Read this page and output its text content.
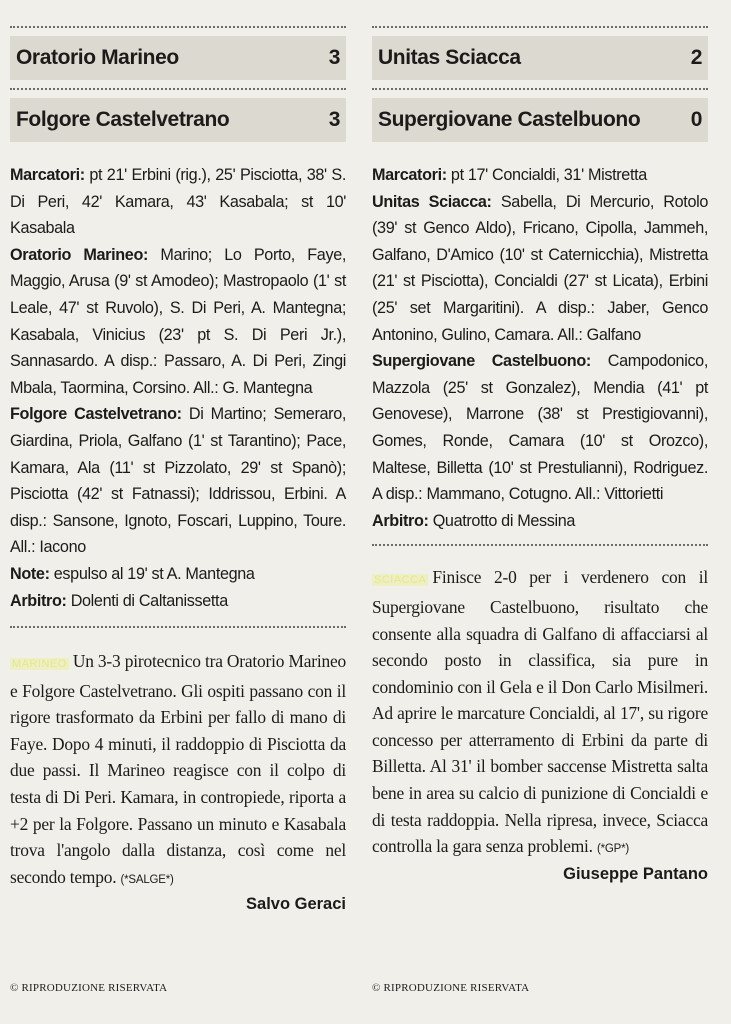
Oratorio Marineo	3
Folgore Castelvetrano	3

Marcatori: pt 21' Erbini (rig.), 25' Pisciotta, 38' S. Di Peri, 42' Kamara, 43' Kasabala; st 10' Kasabala

Oratorio Marineo: Marino; Lo Porto, Faye, Maggio, Arusa (9' st Amodeo); Mastropaolo (1' st Leale, 47' st Ruvolo), S. Di Peri, A. Mantegna; Kasabala, Vinicius (23' pt S. Di Peri Jr.), Sannasardo. A disp.: Passaro, A. Di Peri, Zingi Mbala, Taormina, Corsino. All.: G. Mantegna

Folgore Castelvetrano: Di Martino; Semeraro, Giardina, Priola, Galfano (1' st Tarantino); Pace, Kamara, Ala (11' st Pizzolato, 29' st Spanò); Pisciotta (42' st Fatnassi); Iddrissou, Erbini. A disp.: Sansone, Ignoto, Foscari, Luppino, Toure. All.: Iacono

Note: espulso al 19' st A. Mantegna

Arbitro: Dolenti di Caltanissetta

MARINEO Un 3-3 pirotecnico tra Oratorio Marineo e Folgore Castelvetrano. Gli ospiti passano con il rigore trasformato da Erbini per fallo di mano di Faye. Dopo 4 minuti, il raddoppio di Pisciotta da due passi. Il Marineo reagisce con il colpo di testa di Di Peri. Kamara, in contropiede, riporta a +2 per la Folgore. Passano un minuto e Kasabala trova l'angolo dalla distanza, così come nel secondo tempo. (*SALGE*)
Salvo Geraci
© RIPRODUZIONE RISERVATA
Unitas Sciacca	2
Supergiovane Castelbuono 0

Marcatori: pt 17' Concialdi, 31' Mistretta

Unitas Sciacca: Sabella, Di Mercurio, Rotolo (39' st Genco Aldo), Fricano, Cipolla, Jammeh, Galfano, D'Amico (10' st Caternicchia), Mistretta (21' st Pisciotta), Concialdi (27' st Licata), Erbini (25' set Margaritini). A disp.: Jaber, Genco Antonino, Gulino, Camara. All.: Galfano

Supergiovane Castelbuono: Campodonico, Mazzola (25' st Gonzalez), Mendia (41' pt Genovese), Marrone (38' st Prestigiovanni), Gomes, Ronde, Camara (10' st Orozco), Maltese, Billetta (10' st Prestulianni), Rodriguez. A disp.: Mammano, Cotugno. All.: Vittorietti

Arbitro: Quatrotto di Messina

SCIACCA Finisce 2-0 per i verdenero con il Supergiovane Castelbuono, risultato che consente alla squadra di Galfano di affacciarsi al secondo posto in classifica, sia pure in condominio con il Gela e il Don Carlo Misilmeri. Ad aprire le marcature Concialdi, al 17', su rigore concesso per atterramento di Erbini da parte di Billetta. Al 31' il bomber saccense Mistretta salta bene in area su calcio di punizione di Concialdi e di testa raddoppia. Nella ripresa, invece, Sciacca controlla la gara senza problemi. (*GP*)
Giuseppe Pantano
© RIPRODUZIONE RISERVATA
